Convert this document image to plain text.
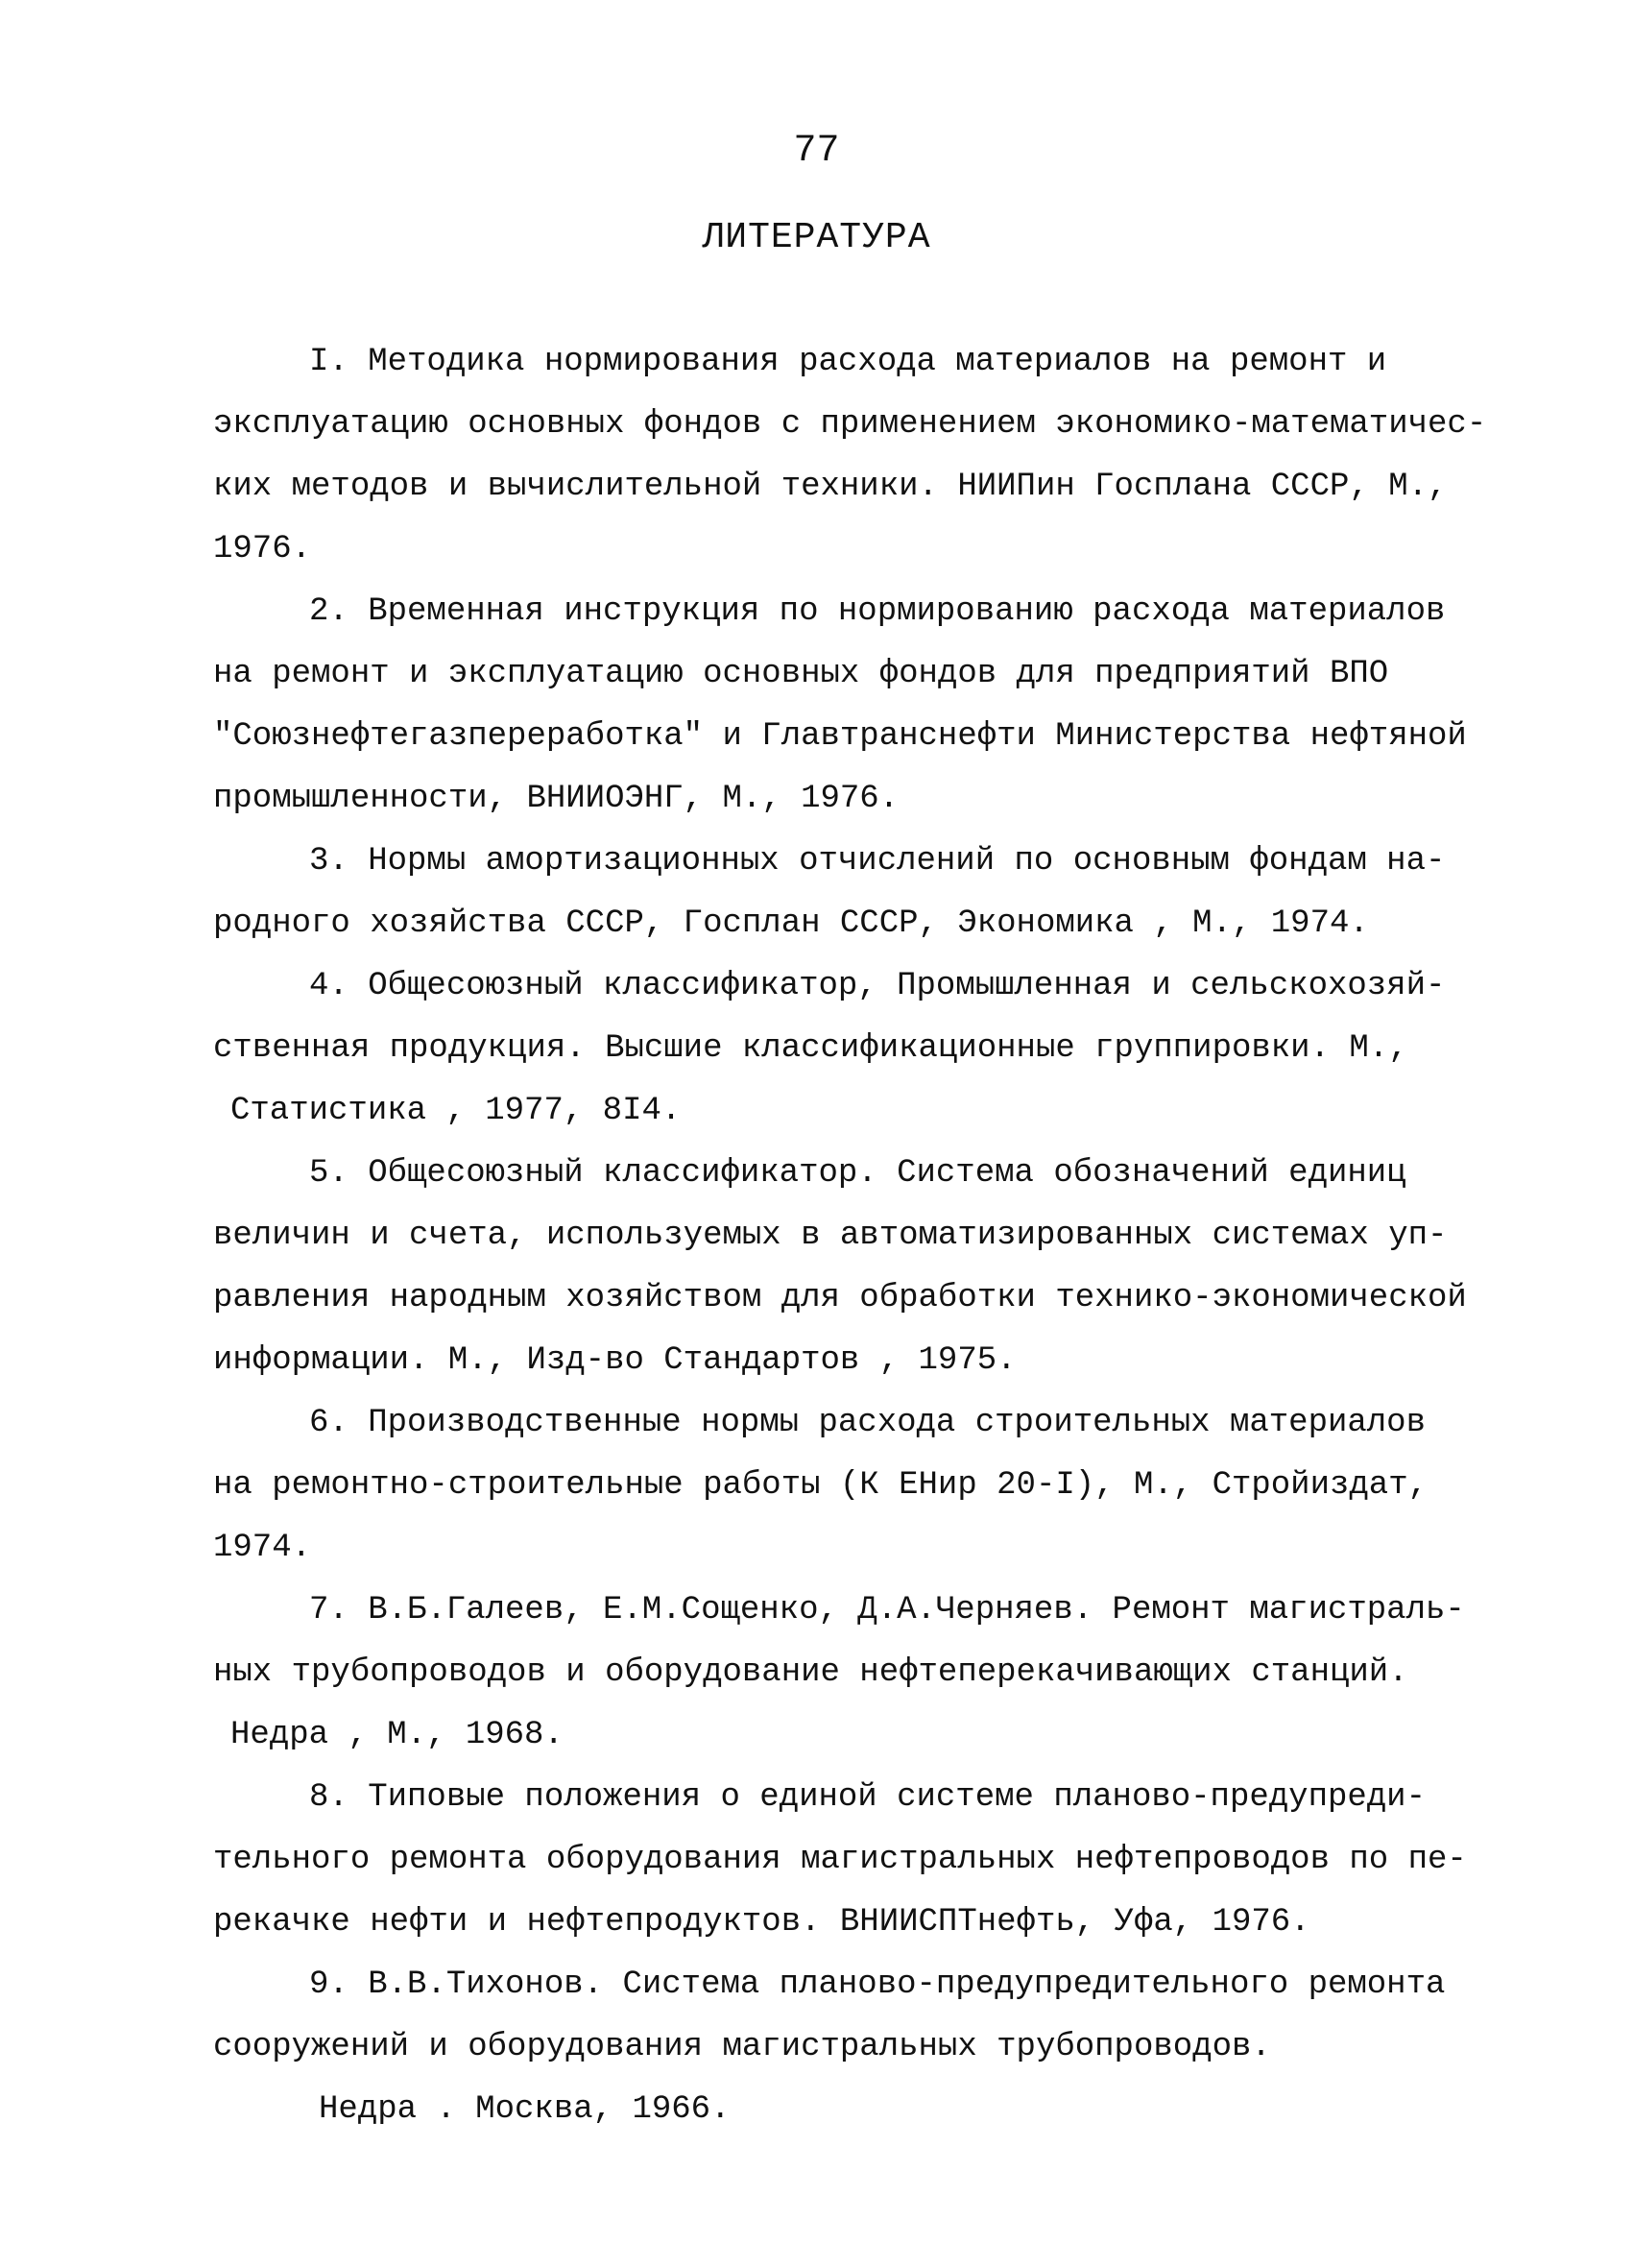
77
ЛИТЕРАТУРА
I. Методика нормирования расхода материалов на ремонт и
эксплуатацию основных фондов с применением экономико-математичес-
ких методов и вычислительной техники. НИИПин Госплана СССР, М.,
1976.
2. Временная инструкция по нормированию расхода материалов
на ремонт и эксплуатацию основных фондов для предприятий ВПО
"Союзнефтегазпереработка" и Главтранснефти Министерства нефтяной
промышленности, ВНИИОЭНГ, М., 1976.
3. Нормы амортизационных отчислений по основным фондам на-
родного хозяйства СССР, Госплан СССР, Экономика , М., 1974.
4. Общесоюзный классификатор, Промышленная и сельскохозяй-
ственная продукция. Высшие классификационные группировки. М.,
Статистика , 1977, 8I4.
5. Общесоюзный классификатор. Система обозначений единиц
величин и счета, используемых в автоматизированных системах уп-
равления народным хозяйством для обработки технико-экономической
информации. М., Изд-во Стандартов , 1975.
6. Производственные нормы расхода строительных материалов
на ремонтно-строительные работы (К ЕНир 20-I), М., Стройиздат,
1974.
7. В.Б.Галеев, Е.М.Сощенко, Д.А.Черняев. Ремонт магистраль-
ных трубопроводов и оборудование нефтеперекачивающих станций.
Недра , М., 1968.
8. Типовые положения о единой системе планово-предупреди-
тельного ремонта оборудования магистральных нефтепроводов по пе-
рекачке нефти и нефтепродуктов. ВНИИСПТнефть, Уфа, 1976.
9. В.В.Тихонов. Система планово-предупредительного ремонта
сооружений и оборудования магистральных трубопроводов.
Недра . Москва, 1966.
